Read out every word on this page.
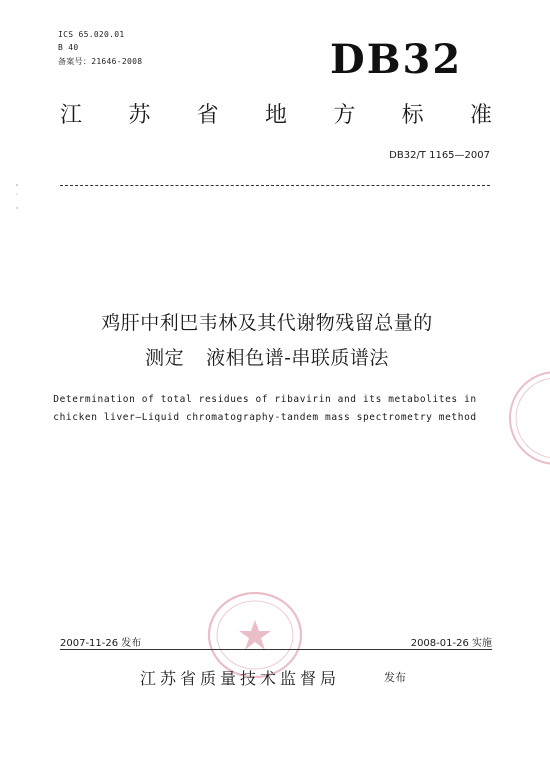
ICS 65.020.01
B 40
备案号：21646-2008	DB32
江 苏 省 地 方 标 准
DB32/T 1165—2007
鸡肝中利巴韦林及其代谢物残留总量的
测定 液相色谱-串联质谱法
Determination of total residues of ribavirin and its metabolites in
chicken liver—Liquid chromatography-tandem mass spectrometry method
2007-11-26 发布	2008-01-26 实施
江苏省质量技术监督局	发布
